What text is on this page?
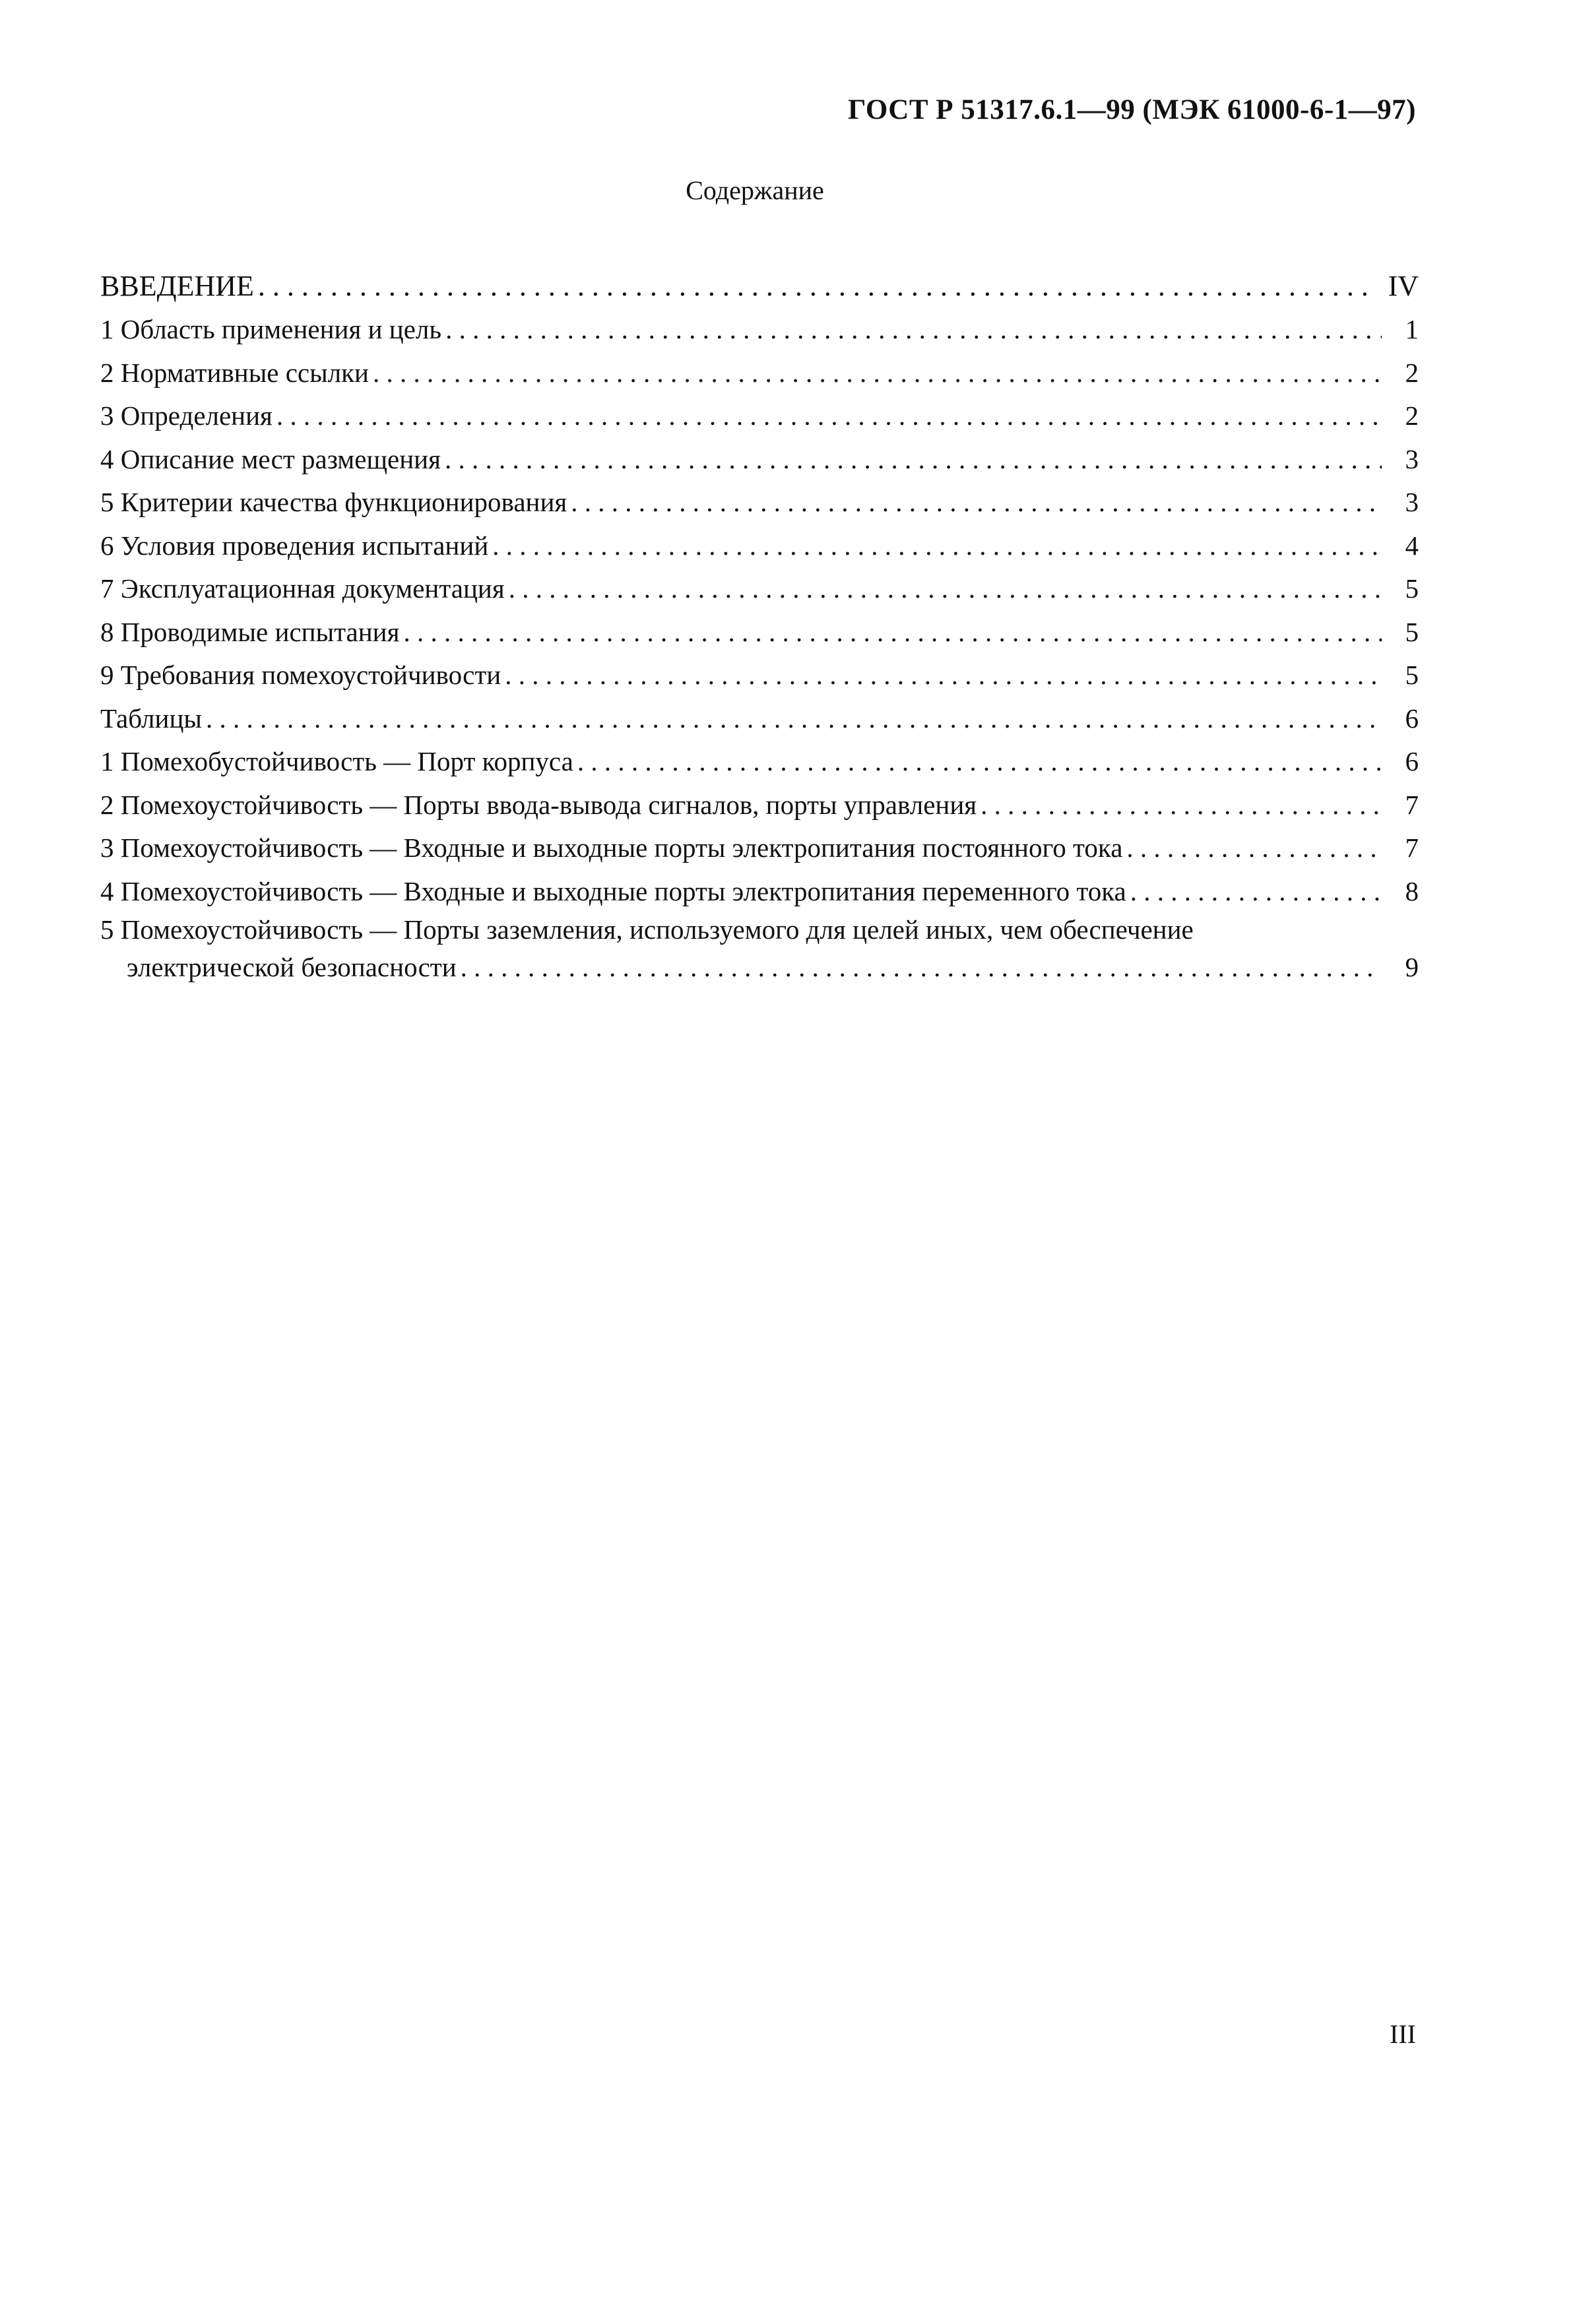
ГОСТ Р 51317.6.1—99 (МЭК 61000-6-1—97)
Содержание
ВВЕДЕНИЕ . . .	IV
1 Область применения и цель . . .	1
2 Нормативные ссылки . . .	2
3 Определения . . .	2
4 Описание мест размещения . . .	3
5 Критерии качества функционирования . . .	3
6 Условия проведения испытаний . . .	4
7 Эксплуатационная документация . . .	5
8 Проводимые испытания . . .	5
9 Требования помехоустойчивости . . .	5
Таблицы . . .	6
1 Помехобустойчивость — Порт корпуса . . .	6
2 Помехоустойчивость — Порты ввода-вывода сигналов, порты управления . . .	7
3 Помехоустойчивость — Входные и выходные порты электропитания постоянного тока . . .	7
4 Помехоустойчивость — Входные и выходные порты электропитания переменного тока . . .	8
5 Помехоустойчивость — Порты заземления, используемого для целей иных, чем обеспечение
электрической безопасности . . .	9
III
